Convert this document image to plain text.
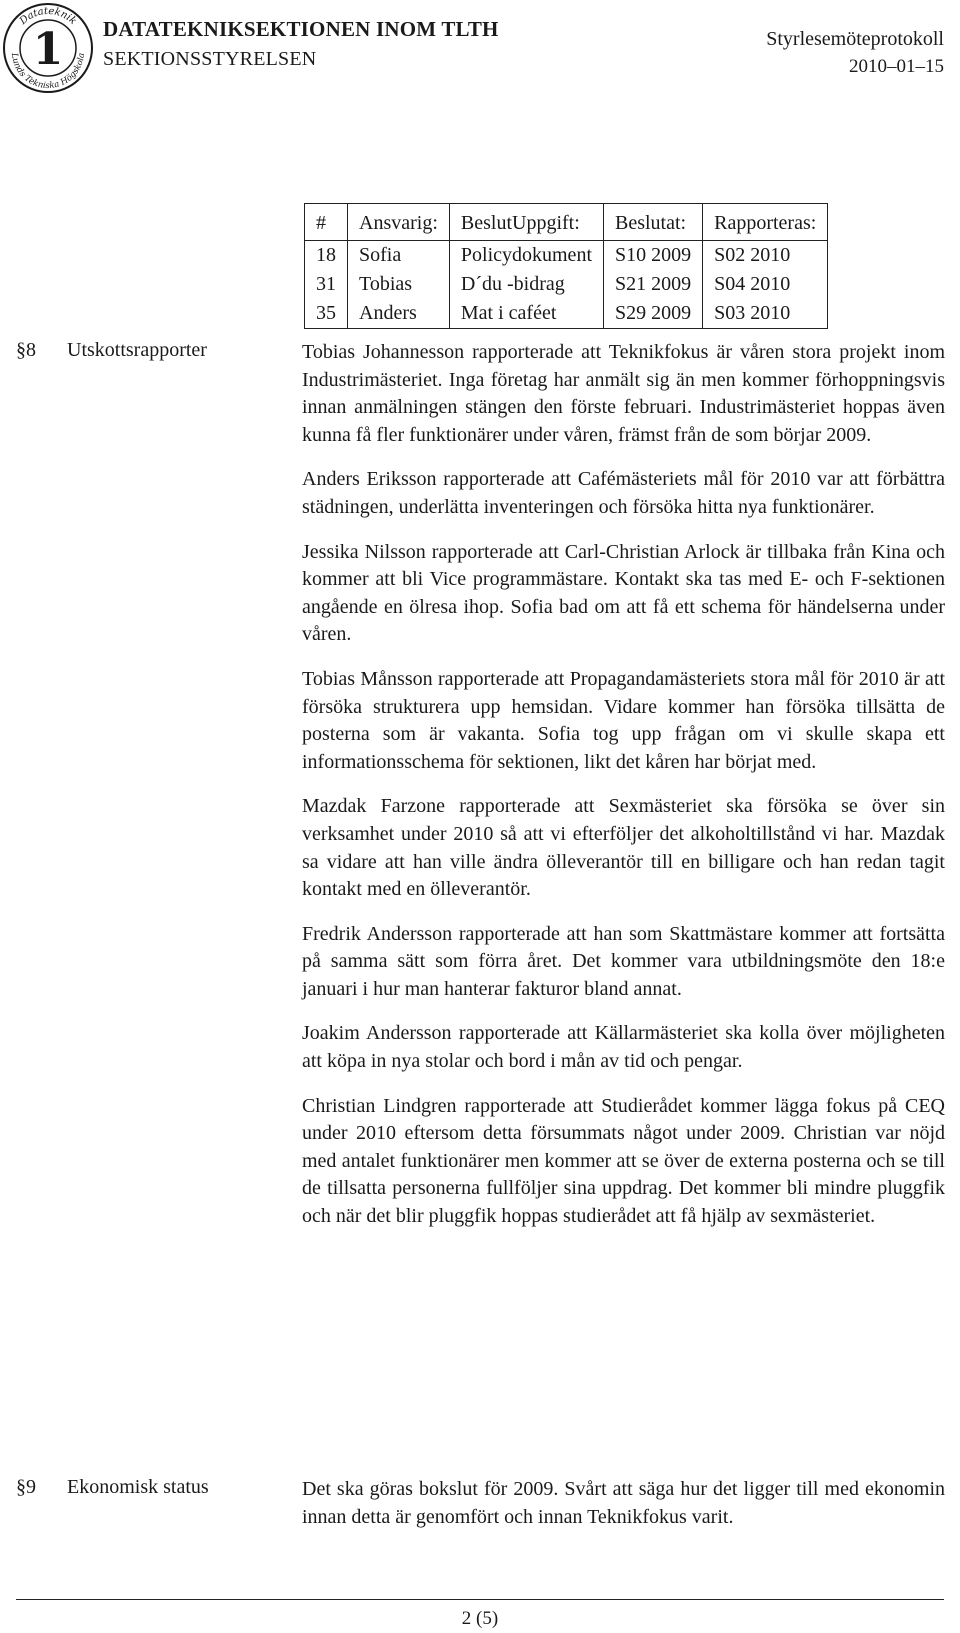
Datateknik
Lunds Tekniska Högskola
1 DATATEKNIKSEKTIONEN INOM TLTH
SEKTIONSSTYRELSEN
Styrlesemöteprotokoll
2010–01–15
#	Ansvarig:	BeslutUppgift:	Beslutat:	Rapporteras:
18	Sofia	Policydokument	S10 2009	S02 2010
31	Tobias	D´du -bidrag	S21 2009	S04 2010
35	Anders	Mat i caféet	S29 2009	S03 2010
§8 Utskottsrapporter	Tobias Johannesson rapporterade att Teknikfokus är våren stora projekt inom Industrimästeriet. Inga företag har anmält sig än men kommer förhoppningsvis innan anmälningen stängen den förste februari. Industrimästeriet hoppas även kunna få fler funktionärer under våren, främst från de som börjar 2009.

Anders Eriksson rapporterade att Cafémästeriets mål för 2010 var att förbättra städningen, underlätta inventeringen och försöka hitta nya funktionärer.

Jessika Nilsson rapporterade att Carl-Christian Arlock är tillbaka från Kina och kommer att bli Vice programmästare. Kontakt ska tas med E- och F-sektionen angående en ölresa ihop. Sofia bad om att få ett schema för händelserna under våren.

Tobias Månsson rapporterade att Propagandamästeriets stora mål för 2010 är att försöka strukturera upp hemsidan. Vidare kommer han försöka tillsätta de posterna som är vakanta. Sofia tog upp frågan om vi skulle skapa ett informationsschema för sektionen, likt det kåren har börjat med.

Mazdak Farzone rapporterade att Sexmästeriet ska försöka se över sin verksamhet under 2010 så att vi efterföljer det alkoholtillstånd vi har. Mazdak sa vidare att han ville ändra ölleverantör till en billigare och han redan tagit kontakt med en ölleverantör.

Fredrik Andersson rapporterade att han som Skattmästare kommer att fortsätta på samma sätt som förra året. Det kommer vara utbildningsmöte den 18:e januari i hur man hanterar fakturor bland annat.

Joakim Andersson rapporterade att Källarmästeriet ska kolla över möjligheten att köpa in nya stolar och bord i mån av tid och pengar.

Christian Lindgren rapporterade att Studierådet kommer lägga fokus på CEQ under 2010 eftersom detta försummats något under 2009. Christian var nöjd med antalet funktionärer men kommer att se över de externa posterna och se till de tillsatta personerna fullföljer sina uppdrag. Det kommer bli mindre pluggfik och när det blir pluggfik hoppas studierådet att få hjälp av sexmästeriet.

§9 Ekonomisk status	Det ska göras bokslut för 2009. Svårt att säga hur det ligger till med ekonomin innan detta är genomfört och innan Teknikfokus varit.

2 (5)
